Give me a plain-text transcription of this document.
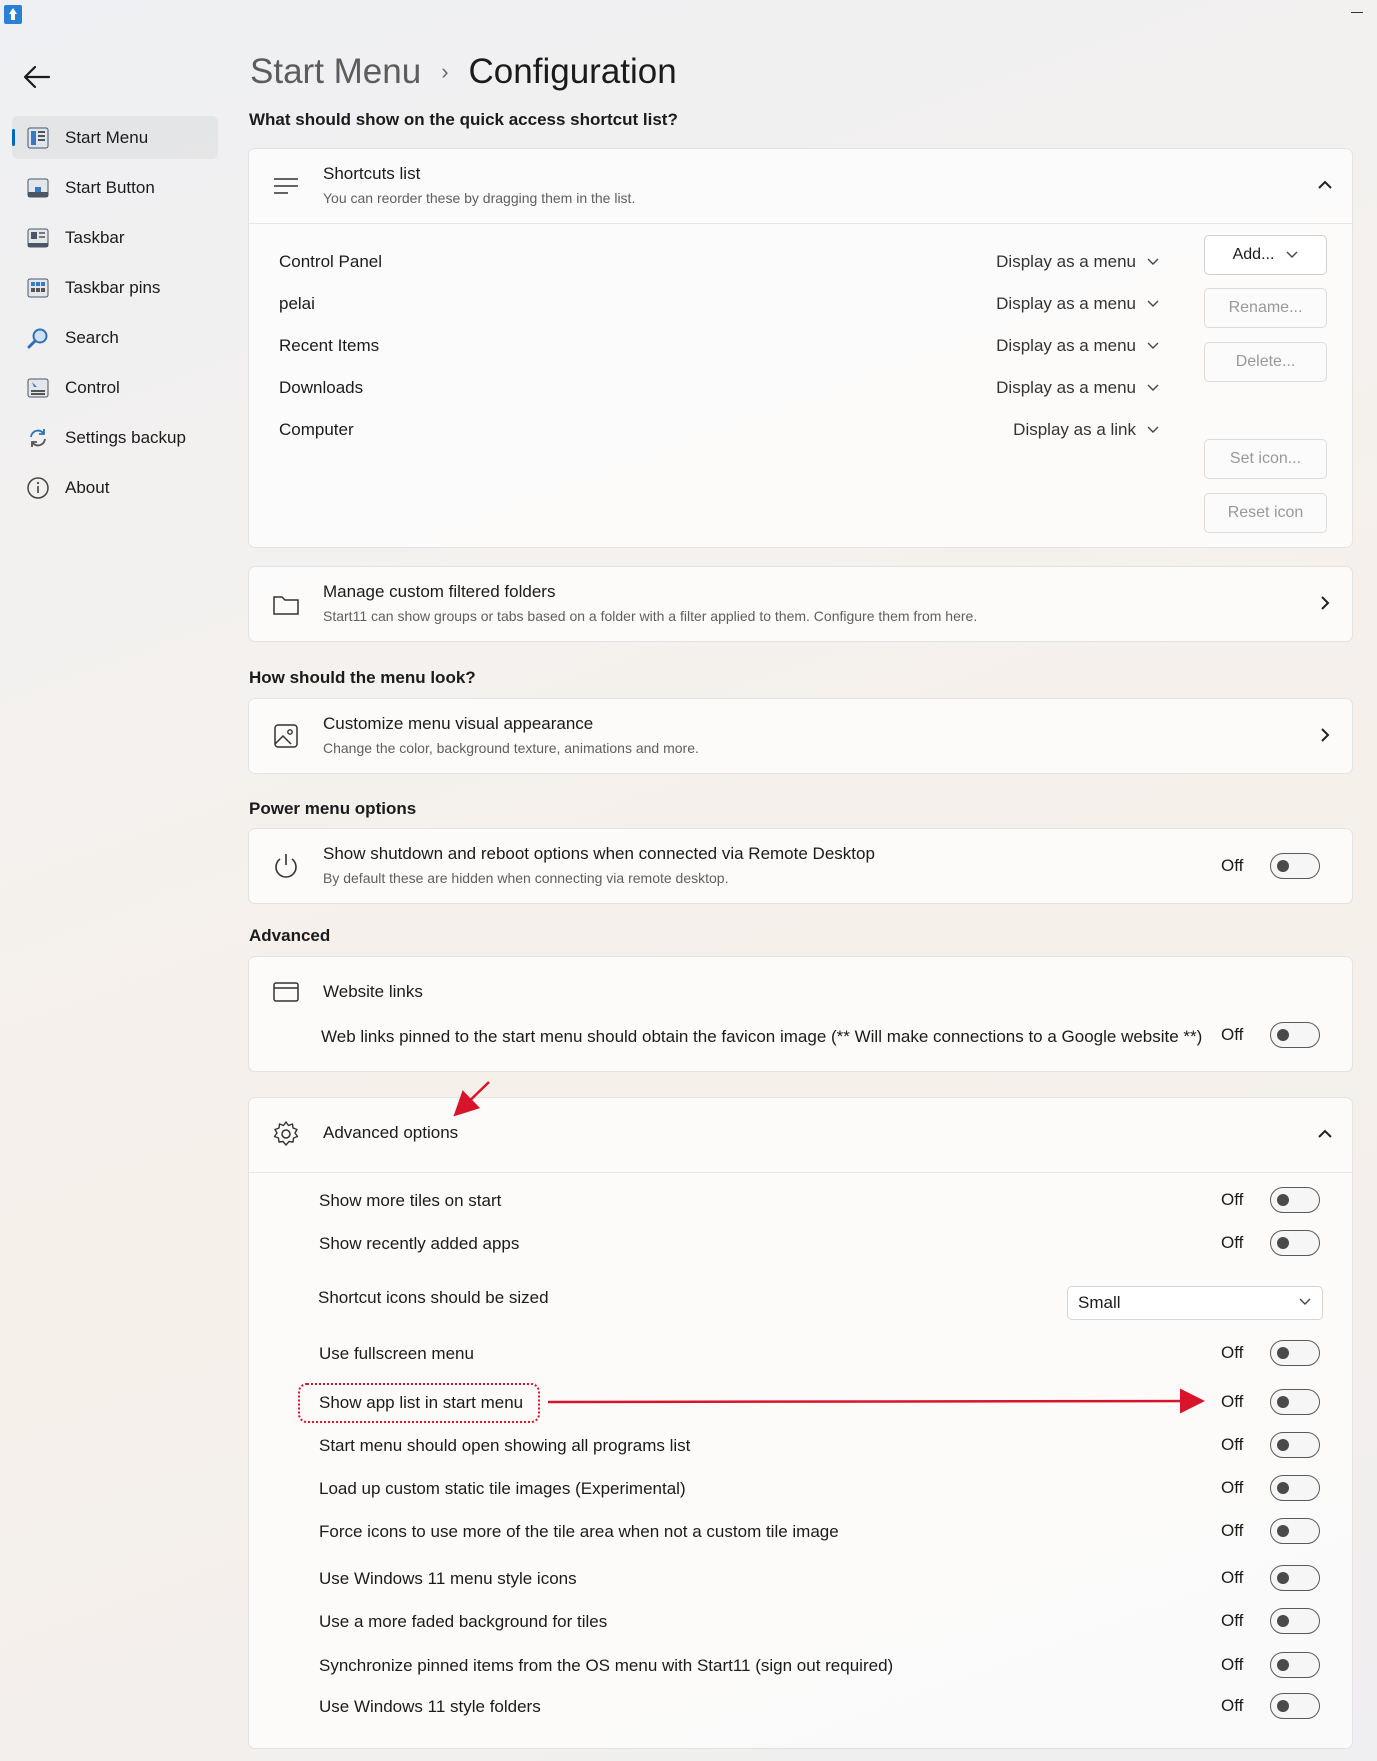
Start Menu
Start Button
Taskbar
Taskbar pins
Search
Control
Settings backup
About
Start Menu › Configuration
What should show on the quick access shortcut list?
Shortcuts list
You can reorder these by dragging them in the list.
Control Panel	Display as a menu
pelai	Display as a menu
Recent Items	Display as a menu
Downloads	Display as a menu
Computer	Display as a link
Add...
Rename...
Delete...
Set icon...
Reset icon
Manage custom filtered folders
Start11 can show groups or tabs based on a folder with a filter applied to them. Configure them from here.
How should the menu look?
Customize menu visual appearance
Change the color, background texture, animations and more.
Power menu options
Show shutdown and reboot options when connected via Remote Desktop
By default these are hidden when connecting via remote desktop.
Off
Advanced
Website links
Web links pinned to the start menu should obtain the favicon image (** Will make connections to a Google website **)	Off
Advanced options
Show more tiles on start	Off
Show recently added apps	Off
Shortcut icons should be sized	Small
Use fullscreen menu	Off
Show app list in start menu	Off
Start menu should open showing all programs list	Off
Load up custom static tile images (Experimental)	Off
Force icons to use more of the tile area when not a custom tile image	Off
Use Windows 11 menu style icons	Off
Use a more faded background for tiles	Off
Synchronize pinned items from the OS menu with Start11 (sign out required)	Off
Use Windows 11 style folders	Off
